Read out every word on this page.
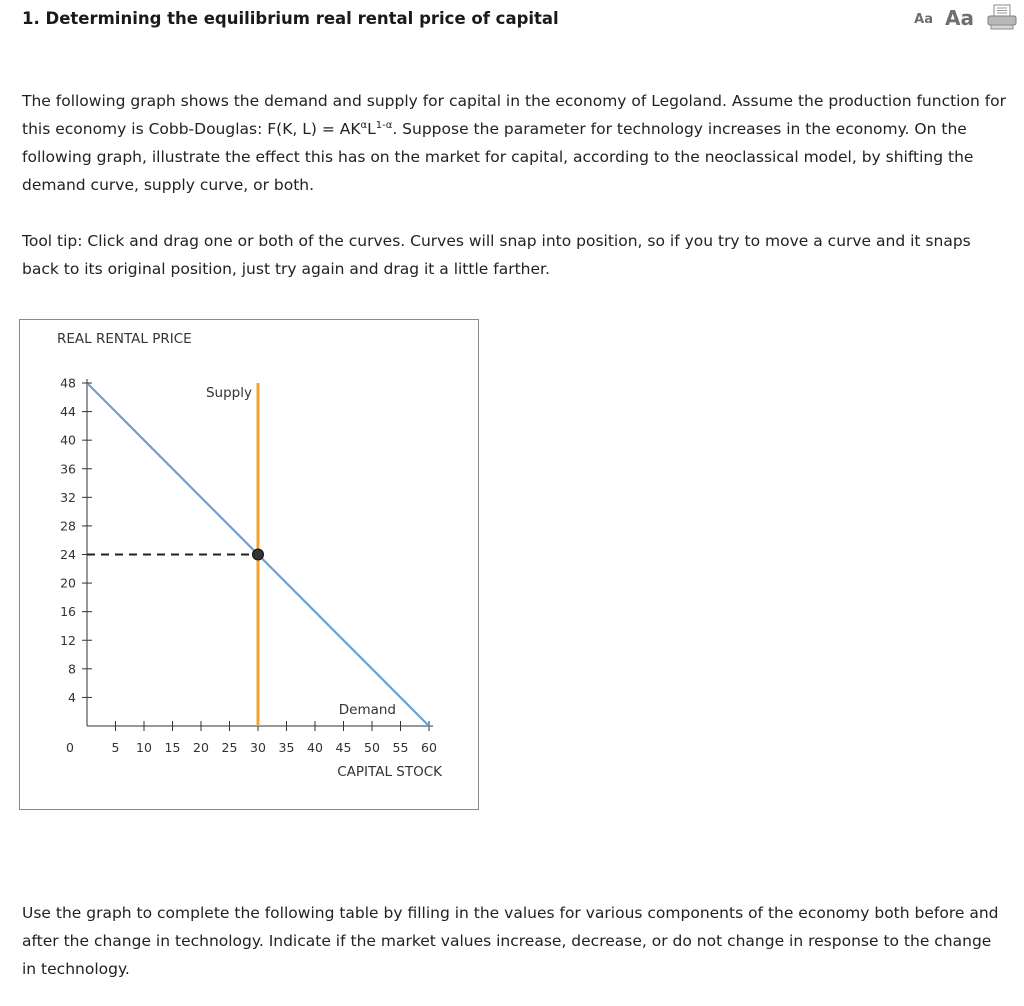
1. Determining the equilibrium real rental price of capital	Aa Aa

The following graph shows the demand and supply for capital in the economy of Legoland. Assume the production function for this economy is Cobb-Douglas: F(K, $L) = AK^\alpha L^{1-\alpha}$. Suppose the parameter for technology increases in the economy. On the following graph, illustrate the effect this has on the market for capital, according to the neoclassical model, by shifting the demand curve, supply curve, or both.

Tool tip: Click and drag one or both of the curves. Curves will snap into position, so if you try to move a curve and it snaps back to its original position, just try again and drag it a little farther.

4
8
12
16
20
24
28
32
36
40
44
48
5 10 15 20 25 30 35 40 45 50 55 60
0
REAL RENTAL PRICE
CAPITAL STOCK
Supply
Demand

Use the graph to complete the following table by filling in the values for various components of the economy both before and after the change in technology. Indicate if the market values increase, decrease, or do not change in response to the change in technology.
